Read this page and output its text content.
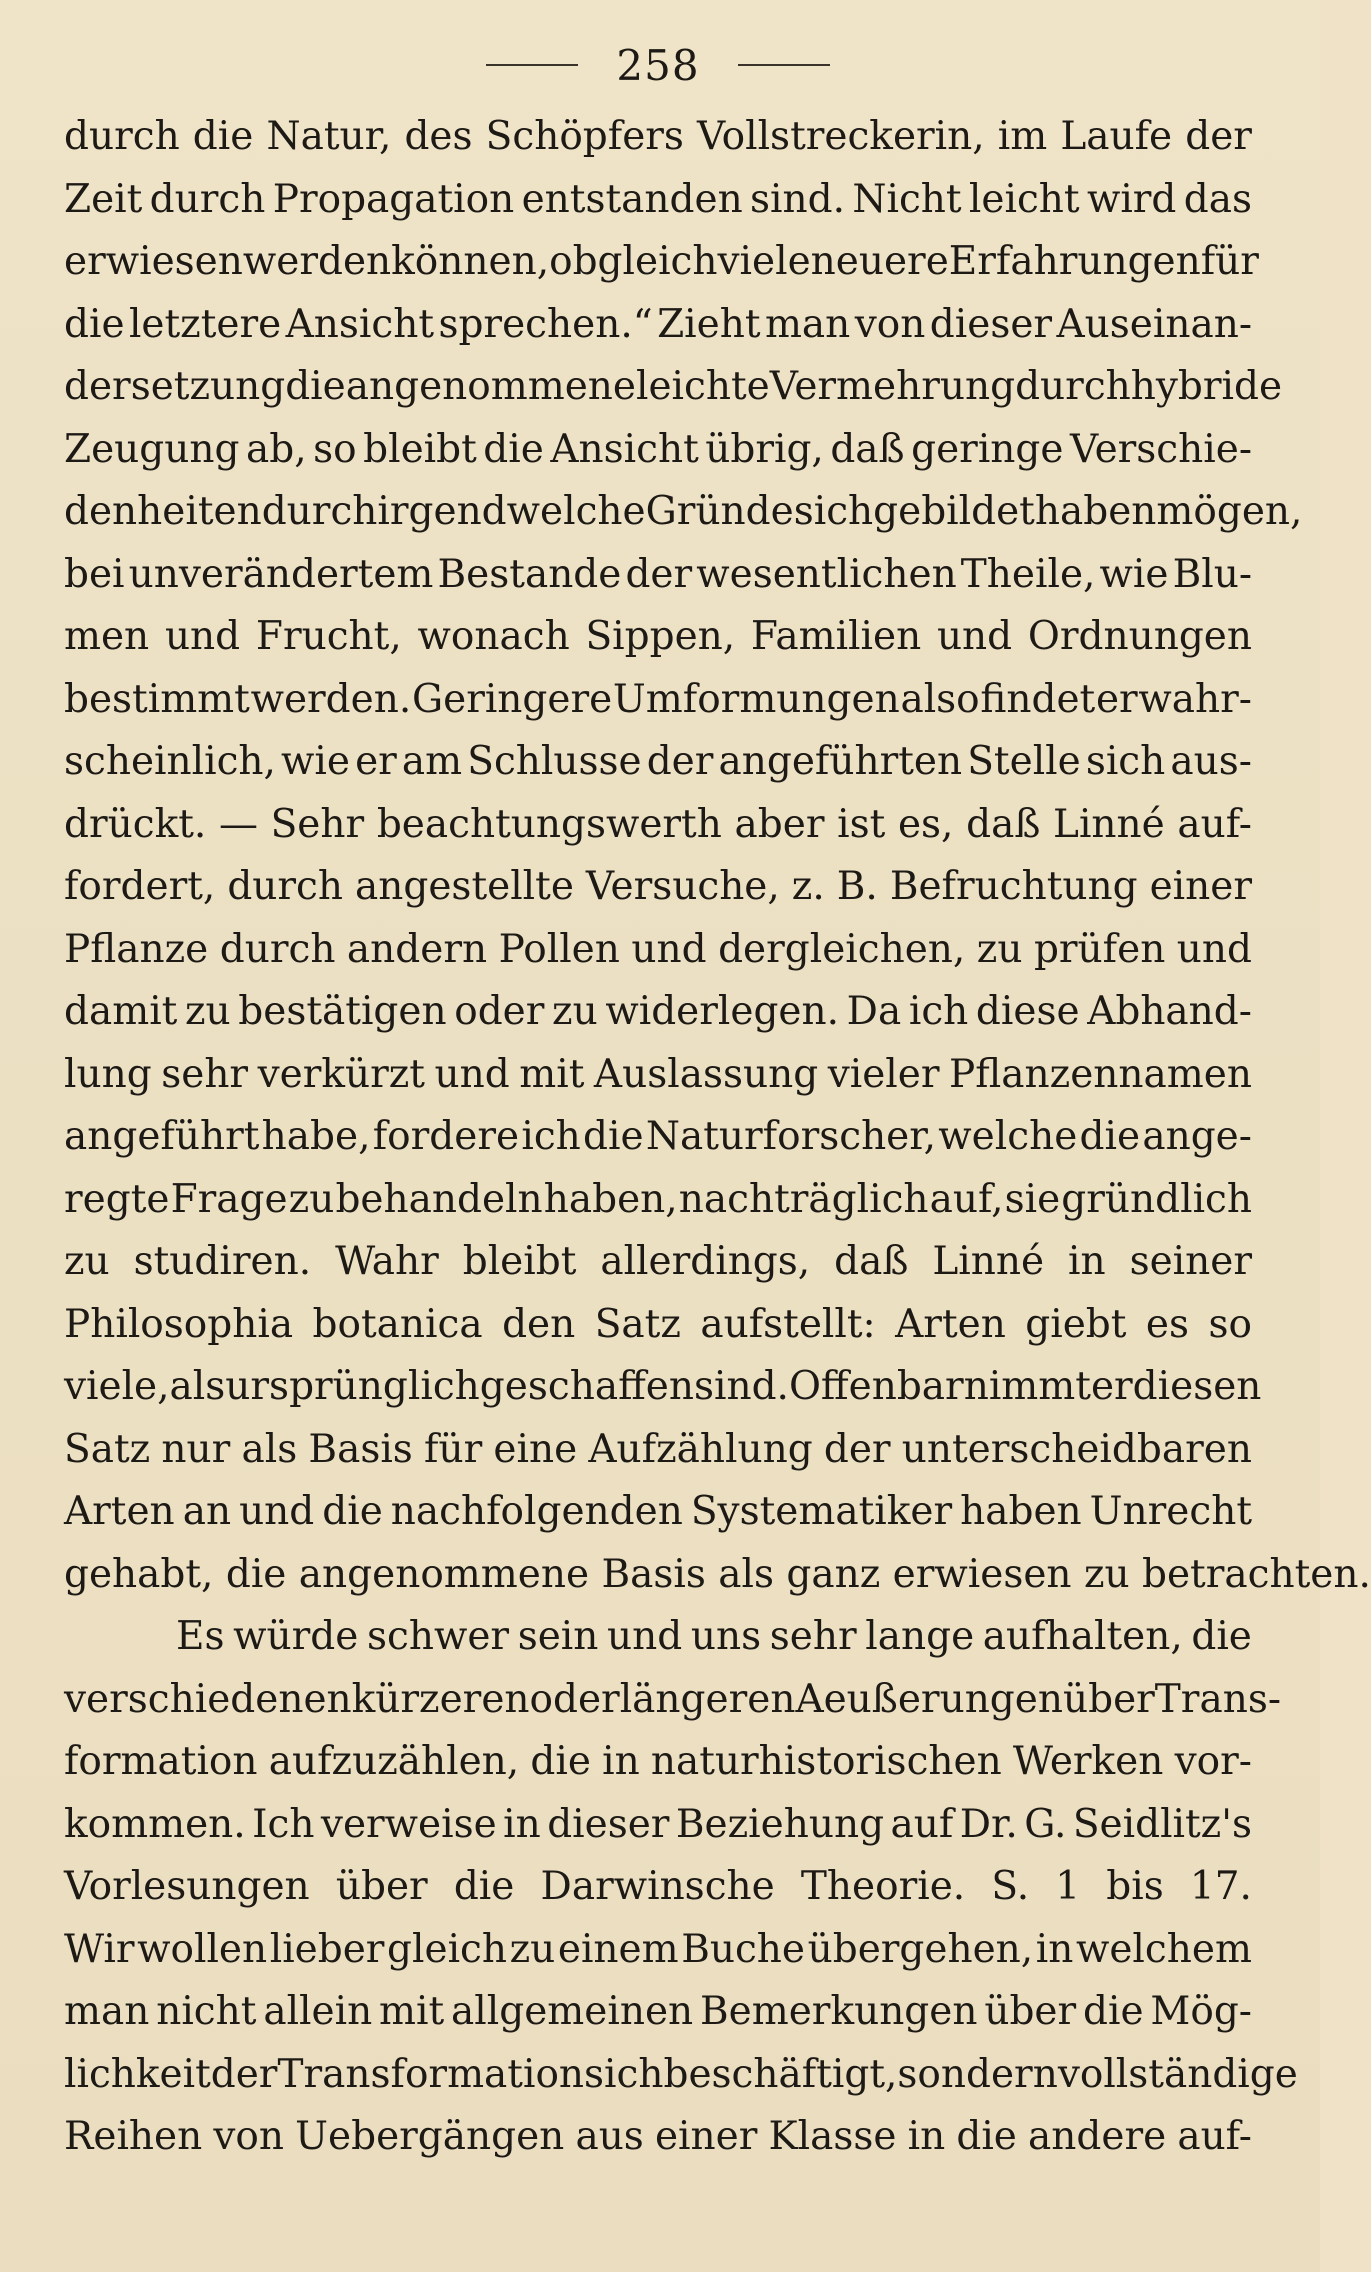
258
durch die Natur, des Schöpfers Vollstreckerin, im Laufe der
Zeit durch Propagation entstanden sind. Nicht leicht wird das
erwiesen werden können, obgleich viele neuere Erfahrungen für
die letztere Ansicht sprechen.“ Zieht man von dieser Auseinan-
dersetzung die angenommene leichte Vermehrung durch hybride
Zeugung ab, so bleibt die Ansicht übrig, daß geringe Verschie-
denheiten durch irgend welche Gründe sich gebildet haben mögen,
bei unverändertem Bestande der wesentlichen Theile, wie Blu-
men und Frucht, wonach Sippen, Familien und Ordnungen
bestimmt werden. Geringere Umformungen also findet er wahr-
scheinlich, wie er am Schlusse der angeführten Stelle sich aus-
drückt. — Sehr beachtungswerth aber ist es, daß Linné auf-
fordert, durch angestellte Versuche, z. B. Befruchtung einer
Pflanze durch andern Pollen und dergleichen, zu prüfen und
damit zu bestätigen oder zu widerlegen. Da ich diese Abhand-
lung sehr verkürzt und mit Auslassung vieler Pflanzennamen
angeführt habe, fordere ich die Naturforscher, welche die ange-
regte Frage zu behandeln haben, nachträglich auf, sie gründlich
zu studiren. Wahr bleibt allerdings, daß Linné in seiner
Philosophia botanica den Satz aufstellt: Arten giebt es so
viele, als ursprünglich geschaffen sind. Offenbar nimmt er diesen
Satz nur als Basis für eine Aufzählung der unterscheidbaren
Arten an und die nachfolgenden Systematiker haben Unrecht
gehabt, die angenommene Basis als ganz erwiesen zu betrachten.
Es würde schwer sein und uns sehr lange aufhalten, die
verschiedenen kürzeren oder längeren Aeußerungen über Trans-
formation aufzuzählen, die in naturhistorischen Werken vor-
kommen. Ich verweise in dieser Beziehung auf Dr. G. Seidlitz's
Vorlesungen über die Darwinsche Theorie. S. 1 bis 17.
Wir wollen lieber gleich zu einem Buche übergehen, in welchem
man nicht allein mit allgemeinen Bemerkungen über die Mög-
lichkeit der Transformation sich beschäftigt, sondern vollständige
Reihen von Uebergängen aus einer Klasse in die andere auf-
